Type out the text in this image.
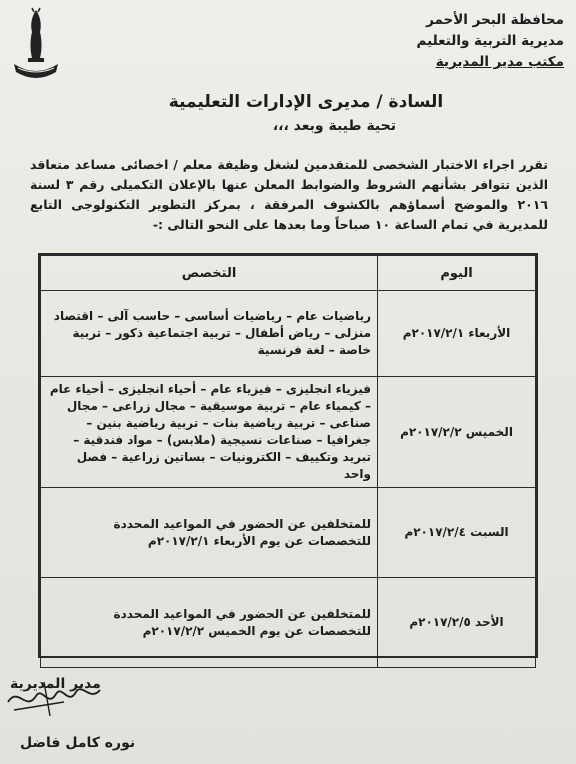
محافظة البحر الأحمر
مديرية التربية والتعليم
مكتب مدير المديرية
السادة / مديرى الإدارات التعليمية
تحية طيبة وبعد ،،،
تقرر اجراء الاختبار الشخصى للمتقدمين لشغل وظيفة معلم / اخصائى مساعد متعاقد الذين تتوافر بشأنهم الشروط والضوابط المعلن عنها بالإعلان التكميلى رقم ٣ لسنة ٢٠١٦ والموضح أسماؤهم بالكشوف المرفقة ، بمركز التطوير التكنولوجى التابع للمديرية في تمام الساعة ١٠ صباحاً وما بعدها على النحو التالى :-
اليوم	التخصص
الأربعاء ٢٠١٧/٢/١م	رياضيات عام – رياضيات أساسى – حاسب آلى – اقتصاد منزلى – رياض أطفال – تربية اجتماعية ذكور – تربية خاصة – لغة فرنسية
الخميس ٢٠١٧/٢/٢م	فيزياء انجليزى – فيزياء عام – أحياء انجليزى – أحياء عام – كيمياء عام – تربية موسيقية – مجال زراعى – مجال صناعى – تربية رياضية بنات – تربية رياضية بنين – جغرافيا – صناعات نسيجية (ملابس) – مواد فندقية – تبريد وتكييف – الكترونيات – بساتين زراعية – فصل واحد
السبت ٢٠١٧/٢/٤م	للمتخلفين عن الحضور في المواعيد المحددة للتخصصات عن يوم الأربعاء ٢٠١٧/٢/١م
الأحد ٢٠١٧/٢/٥م	للمتخلفين عن الحضور في المواعيد المحددة للتخصصات عن يوم الخميس ٢٠١٧/٢/٢م
مدير المديرية
نوره كامل فاضل
